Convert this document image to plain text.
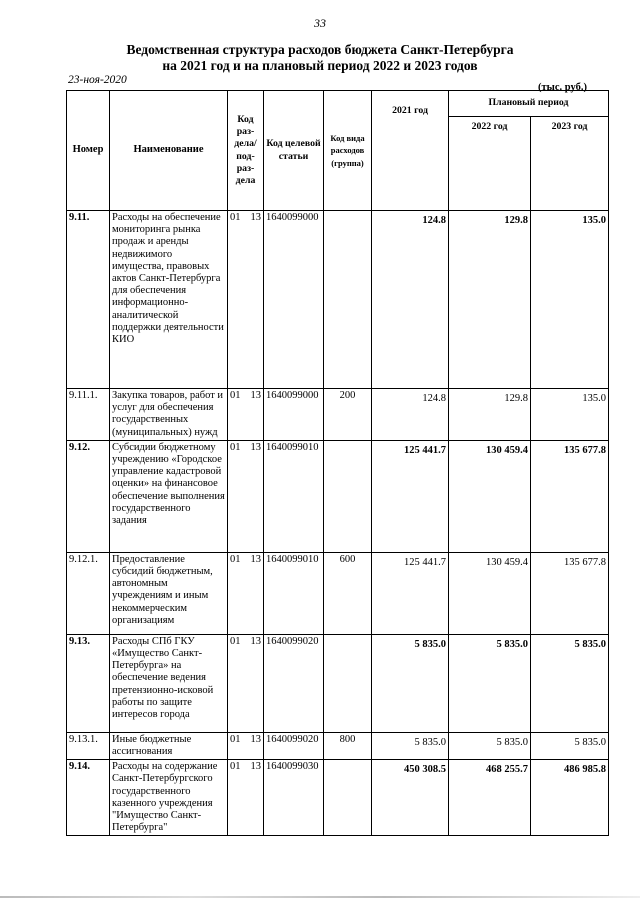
33
Ведомственная структура расходов бюджета Санкт-Петербурга
на 2021 год и на плановый период 2022 и 2023 годов
23-ноя-2020
(тыс. руб.)
Номер	Наименование	Код раз-дела/ под-раз-дела	Код целевой статьи	Код вида расходов (группа)	2021 год	Плановый период	
						2022 год	2023 год
9.11.	Расходы на обеспечение мониторинга рынка продаж и аренды недвижимого имущества, правовых актов Санкт-Петербурга для обеспечения информационно-аналитической поддержки деятельности КИО	01 13	1640099000		124.8	129.8	135.0
9.11.1.	Закупка товаров, работ и услуг для обеспечения государственных (муниципальных) нужд	01 13	1640099000	200	124.8	129.8	135.0
9.12.	Субсидии бюджетному учреждению «Городское управление кадастровой оценки» на финансовое обеспечение выполнения государственного задания	01 13	1640099010		125 441.7	130 459.4	135 677.8
9.12.1.	Предоставление субсидий бюджетным, автономным учреждениям и иным некоммерческим организациям	01 13	1640099010	600	125 441.7	130 459.4	135 677.8
9.13.	Расходы СПб ГКУ «Имущество Санкт-Петербурга» на обеспечение ведения претензионно-исковой работы по защите интересов города	01 13	1640099020		5 835.0	5 835.0	5 835.0
9.13.1.	Иные бюджетные ассигнования	01 13	1640099020	800	5 835.0	5 835.0	5 835.0
9.14.	Расходы на содержание Санкт-Петербургского государственного казенного учреждения "Имущество Санкт-Петербурга"	01 13	1640099030		450 308.5	468 255.7	486 985.8
